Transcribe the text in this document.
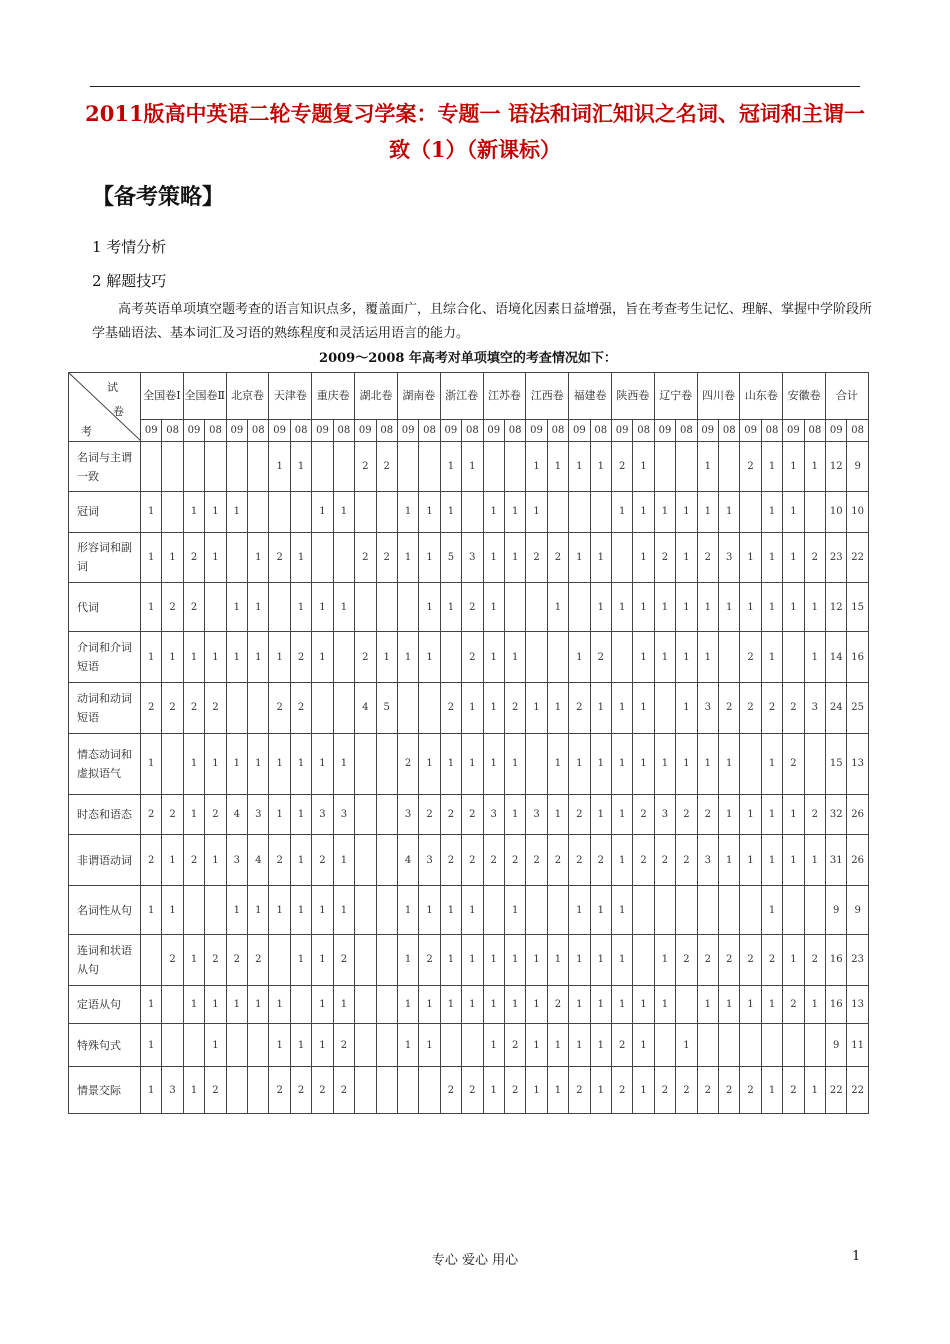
2011版高中英语二轮专题复习学案：专题一 语法和词汇知识之名词、冠词和主谓一致（1）（新课标）
【备考策略】
1 考情分析
2 解题技巧
高考英语单项填空题考查的语言知识点多，覆盖面广，且综合化、语境化因素日益增强，旨在考查考生记忆、理解、掌握中学阶段所学基础语法、基本词汇及习语的熟练程度和灵活运用语言的能力。
2009～2008 年高考对单项填空的考查情况如下：
试
卷
考	全国卷Ⅰ		全国卷Ⅱ		北京卷		天津卷		重庆卷		湖北卷		湖南卷		浙江卷		江苏卷		江西卷		福建卷		陕西卷		辽宁卷		四川卷		山东卷		安徽卷		合计	
	09	08	09	08	09	08	09	08	09	08	09	08	09	08	09	08	09	08	09	08	09	08	09	08	09	08	09	08	09	08	09	08	09	08
名词与主谓一致							1	1			2	2			1	1			1	1	1	1	2	1			1		2	1	1	1	12	9
冠词	1		1	1	1				1	1			1	1	1		1	1	1				1	1	1	1	1	1		1	1		10	10
形容词和副词	1	1	2	1		1	2	1			2	2	1	1	5	3	1	1	2	2	1	1		1	2	1	2	3	1	1	1	2	23	22
代词	1	2	2		1	1		1	1	1				1	1	2	1			1		1	1	1	1	1	1	1	1	1	1	1	12	15
介词和介词短语	1	1	1	1	1	1	1	2	1		2	1	1	1		2	1	1			1	2		1	1	1	1		2	1		1	14	16
动词和动词短语	2	2	2	2			2	2			4	5			2	1	1	2	1	1	2	1	1	1		1	3	2	2	2	2	3	24	25
情态动词和虚拟语气	1		1	1	1	1	1	1	1	1			2	1	1	1	1	1		1	1	1	1	1	1	1	1	1		1	2		15	13
时态和语态	2	2	1	2	4	3	1	1	3	3			3	2	2	2	3	1	3	1	2	1	1	2	3	2	2	1	1	1	1	2	32	26
非谓语动词	2	1	2	1	3	4	2	1	2	1			4	3	2	2	2	2	2	2	2	2	1	2	2	2	3	1	1	1	1	1	31	26
名词性从句	1	1			1	1	1	1	1	1			1	1	1	1		1			1	1	1							1			9	9
连词和状语从句		2	1	2	2	2		1	1	2			1	2	1	1	1	1	1	1	1	1	1		1	2	2	2	2	2	1	2	16	23
定语从句	1		1	1	1	1	1		1	1			1	1	1	1	1	1	1	2	1	1	1	1	1		1	1	1	1	2	1	16	13
特殊句式	1			1			1	1	1	2			1	1			1	2	1	1	1	1	2	1		1							9	11
情景交际	1	3	1	2			2	2	2	2					2	2	1	2	1	1	2	1	2	1	2	2	2	2	2	1	2	1	22	22
专心 爱心 用心	1
